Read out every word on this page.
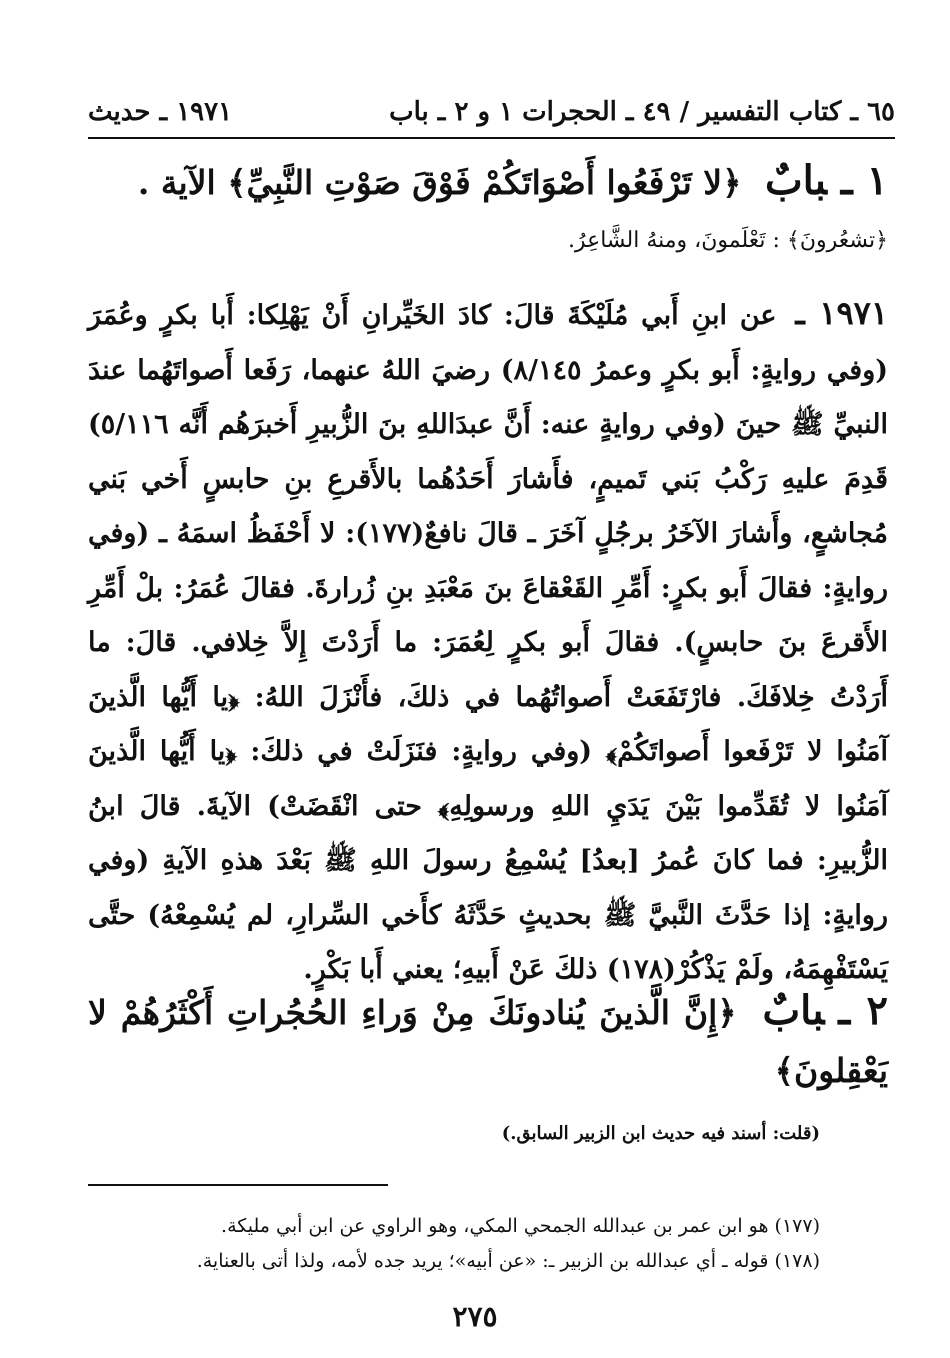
٦٥ ـ كتاب التفسير / ٤٩ ـ الحجرات ١ و ٢ ـ باب
١٩٧١ ـ حديث
١ ـبابٌ ﴿لا تَرْفَعُوا أَصْوَاتَكُمْ فَوْقَ صَوْتِ النَّبِيِّ﴾ الآية .
﴿تشعُرونَ﴾ : تَعْلَمونَ، ومنهُ الشَّاعِرُ.
١٩٧١ ـ عن ابنِ أَبي مُلَيْكَةَ قالَ: كادَ الخَيِّرانِ أَنْ يَهْلِكا: أَبا بكرٍ وعُمَرَ (وفي روايةٍ: أَبو بكرٍ وعمرُ ٨/١٤٥) رضيَ اللهُ عنهما، رَفَعا أَصواتَهُما عندَ النبيِّ ﷺ حينَ (وفي روايةٍ عنه: أَنَّ عبدَاللهِ بنَ الزُّبيرِ أَخبرَهُم أَنَّه ٥/١١٦) قَدِمَ عليهِ رَكْبُ بَني تَميمٍ، فأَشارَ أَحَدُهُما بالأَقرعِ بنِ حابسٍ أَخي بَني مُجاشعٍ، وأَشارَ الآخَرُ برجُلٍ آخَرَ ـ قالَ نافعٌ(١٧٧): لا أَحْفَظُ اسمَهُ ـ (وفي روايةٍ: فقالَ أَبو بكرٍ: أَمِّرِ القَعْقاعَ بنَ مَعْبَدِ بنِ زُرارةَ. فقالَ عُمَرُ: بلْ أَمِّرِ الأَقرعَ بنَ حابسٍ). فقالَ أَبو بكرٍ لِعُمَرَ: ما أَرَدْتَ إِلاَّ خِلافي. قالَ: ما أَرَدْتُ خِلافَكَ. فارْتَفَعَتْ أَصواتُهُما في ذلكَ، فأَنْزَلَ اللهُ: ﴿يا أَيُّها الَّذينَ آمَنُوا لا تَرْفَعوا أَصواتَكُمْ﴾ (وفي روايةٍ: فنَزَلَتْ في ذلكَ: ﴿يا أَيُّها الَّذينَ آمَنُوا لا تُقَدِّموا بَيْنَ يَدَيِ اللهِ ورسولِهِ﴾ حتى انْقَضَتْ) الآيةَ. قالَ ابنُ الزُّبيرِ: فما كانَ عُمرُ [بعدُ] يُسْمِعُ رسولَ اللهِ ﷺ بَعْدَ هذهِ الآيةِ (وفي روايةٍ: إذا حَدَّثَ النَّبيَّ ﷺ بحديثٍ حَدَّثَهُ كأَخي السِّرارِ، لم يُسْمِعْهُ) حتَّى يَسْتَفْهِمَهُ، ولَمْ يَذْكُرْ(١٧٨) ذلكَ عَنْ أَبيهِ؛ يعني أَبا بَكْرٍ.
٢ ـبابٌ ﴿إِنَّ الَّذينَ يُنادونَكَ مِنْ وَراءِ الحُجُراتِ أَكْثَرُهُمْ لا يَعْقِلونَ﴾
(قلت: أسند فيه حديث ابن الزبير السابق.)

(١٧٧) هو ابن عمر بن عبدالله الجمحي المكي، وهو الراوي عن ابن أبي مليكة.

(١٧٨) قوله ـ أي عبدالله بن الزبير ـ: «عن أبيه»؛ يريد جده لأمه، ولذا أتى بالعناية.

٢٧٥
